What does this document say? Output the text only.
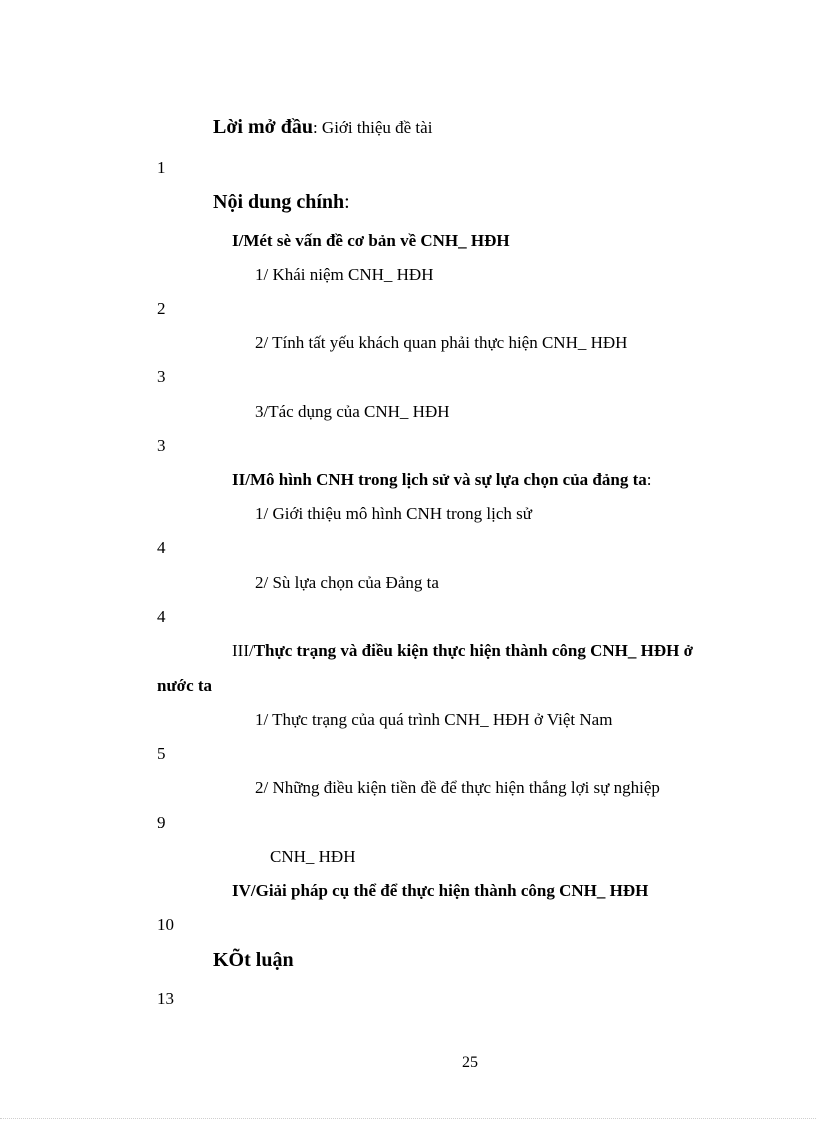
Lời mở đầu: Giới thiệu đề tài
1
Nội dung chính:
I/Mét sè vấn đề cơ bản về CNH_ HĐH
1/ Khái niệm CNH_ HĐH
2
2/ Tính tất yếu khách quan phải thực hiện CNH_ HĐH
3
3/Tác dụng của CNH_ HĐH
3
II/Mô hình CNH trong lịch sử và sự lựa chọn của đảng ta:
1/ Giới thiệu mô hình CNH trong lịch sử
4
2/ Sù lựa chọn của Đảng ta
4
III/Thực trạng và điều kiện thực hiện thành công CNH_ HĐH ở
nước ta
1/ Thực trạng của quá trình CNH_ HĐH ở Việt Nam
5
2/ Những điều kiện tiền đề để thực hiện thắng lợi sự nghiệp
9
CNH_ HĐH
IV/Giải pháp cụ thể để thực hiện thành công CNH_ HĐH
10
KÕt luận
13
25
